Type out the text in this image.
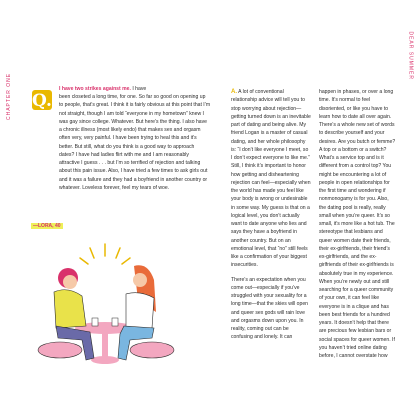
CHAPTER ONE
DEAR SUMMER
Q.
I have two strikes against me. I have
been closeted a long time, for one. So far so good on opening up to people, that’s great. I think it is fairly obvious at this point that I’m not straight, though I am told “everyone in my hometown” knew I was gay since college. Whatever. But here’s the thing. I also have a chronic illness (most likely endo) that makes sex and orgasm often very, very painful. I have been trying to heal this and it’s better. But still, what do you think is a good way to approach dates? I have had ladies flirt with me and I am reasonably attractive I guess . . . but I’m so terrified of rejection and talking about this pain issue. Also, I have tried a few times to ask girls out and it was a failure and they had a boyfriend in another country or whatever. Loveless forever, feel my tears of woe.
—LORA, 40
A. A lot of conventional relationship advice will tell you to stop worrying about rejection—getting turned down is an inevitable part of dating and being alive. My friend Logan is a master of casual dating, and her whole philosophy is: “I don’t like everyone I meet, so I don’t expect everyone to like me.” Still, I think it’s important to honor how getting and disheartening rejection can feel—especially when the world has made you feel like your body is wrong or undesirable in some way. My guess is that on a logical level, you don’t actually want to date anyone who lies and says they have a boyfriend in another country. But on an emotional level, that “no” still feels like a confirmation of your biggest insecurities.
There’s an expectation when you come out—especially if you’ve struggled with your sexuality for a long time—that the skies will open and queer sex gods will rain love and orgasms down upon you. In reality, coming out can be confusing and lonely. It can
happen in phases, or over a long time. It’s normal to feel disoriented, or like you have to learn how to date all over again. There’s a whole new set of words to describe yourself and your desires. Are you butch or femme? A top or a bottom or a switch? What’s a service top and is it different from a control top? You might be encountering a lot of people in open relationships for the first time and wondering if nonmonogamy is for you. Also, the dating pool is really, really small when you’re queer. It’s so small, it’s more like a hot tub. The stereotype that lesbians and queer women date their friends, their ex-girlfriends, their friend’s ex-girlfriends, and the ex-girlfriends of their ex-girlfriends is absolutely true in my experience. When you’re newly out and still searching for a queer community of your own, it can feel like everyone is in a clique and has been best friends for a hundred years. It doesn’t help that there are precious few lesbian bars or social spaces for queer women. If you haven’t tried online dating before, I cannot overstate how
